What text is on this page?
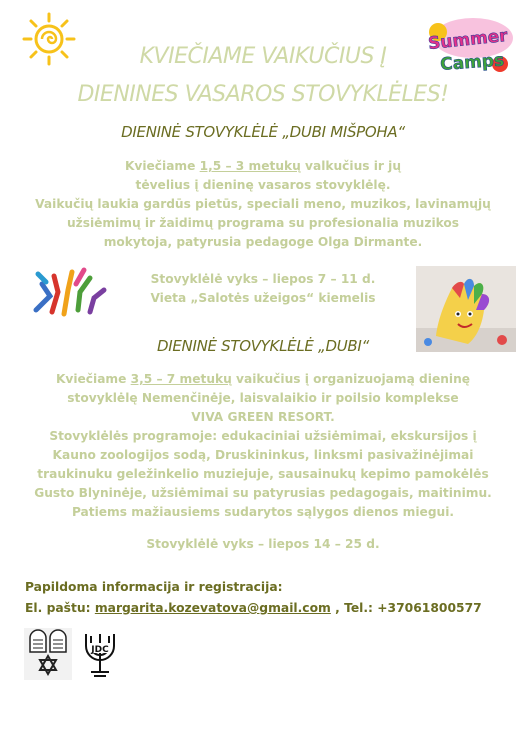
Summer
Camps
KVIEČIAME VAIKUČIUS Į
DIENINES VASAROS STOVYKLĖLES!
DIENINĖ STOVYKLĖLĖ „DUBI MIŠPOHA“
Kviečiame 1,5 – 3 metukų valkučius ir jų
tėvelius į dieninę vasaros stovyklėlę.
Vaikučių laukia gardūs pietūs, speciali meno, muzikos, lavinamųjų
užsiėmimų ir žaidimų programa su profesionalia muzikos
mokytoja, patyrusia pedagoge Olga Dirmante.
Stovyklėlė vyks – liepos 7 – 11 d.
Vieta „Salotės užeigos“ kiemelis
DIENINĖ STOVYKLĖLĖ „DUBI“
Kviečiame 3,5 – 7 metukų vaikučius į organizuojamą dieninę
stovyklėlę Nemenčinėje, laisvalaikio ir poilsio komplekse
VIVA GREEN RESORT.
Stovyklėlės programoje: edukaciniai užsiėmimai, ekskursijos į
Kauno zoologijos sodą, Druskininkus, linksmi pasivažinėjimai
traukinuku geležinkelio muziejuje, sausainukų kepimo pamokėlės
Gusto Blyninėje, užsiėmimai su patyrusias pedagogais, maitinimu.
Patiems mažiausiems sudarytos sąlygos dienos miegui.
Stovyklėlė vyks – liepos 14 – 25 d.
Papildoma informacija ir registracija:
El. paštu: margarita.kozevatova@gmail.com , Tel.: +37061800577
JDC
